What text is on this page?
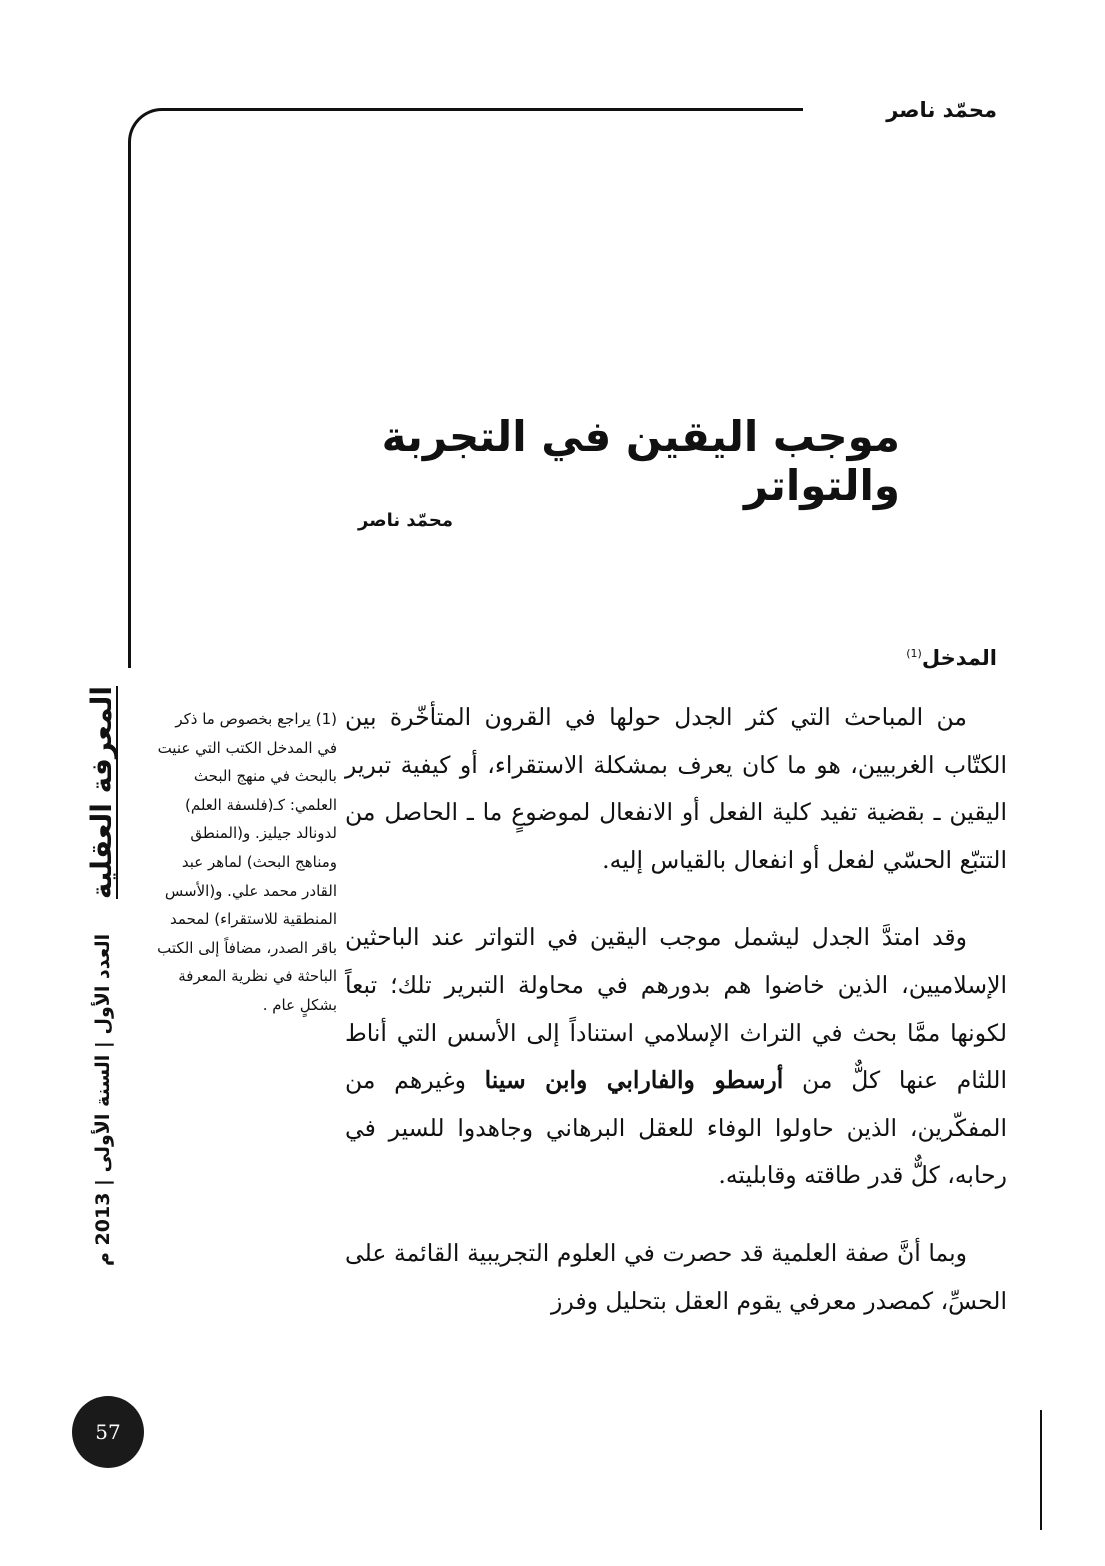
محمّد ناصر
موجب اليقين في التجربة والتواتر
محمّد ناصر
المدخل$^{(1)}$

من المباحث التي كثر الجدل حولها في القرون المتأخّرة بين الكتّاب الغربيين، هو ما كان يعرف بمشكلة الاستقراء، أو كيفية تبرير اليقين ـ بقضية تفيد كلية الفعل أو الانفعال لموضوعٍ ما ـ الحاصل من التتبّع الحسّي لفعل أو انفعال بالقياس إليه.

وقد امتدَّ الجدل ليشمل موجب اليقين في التواتر عند الباحثين الإسلاميين، الذين خاضوا هم بدورهم في محاولة التبرير تلك؛ تبعاً لكونها ممَّا بحث في التراث الإسلامي استناداً إلى الأسس التي أناط اللثام عنها كلٌّ من أرسطو والفارابي وابن سينا وغيرهم من المفكّرين، الذين حاولوا الوفاء للعقل البرهاني وجاهدوا للسير في رحابه، كلٌّ قدر طاقته وقابليته.

وبما أنَّ صفة العلمية قد حصرت في العلوم التجريبية القائمة على الحسِّ، كمصدر معرفي يقوم العقل بتحليل وفرز

(1) يراجع بخصوص ما ذكر في المدخل الكتب التي عنيت بالبحث في منهج البحث العلمي: كـ(فلسفة العلم) لدونالد جيليز. و(المنطق ومناهج البحث) لماهر عبد القادر محمد علي. و(الأسس المنطقية للاستقراء) لمحمد باقر الصدر، مضافاً إلى الكتب الباحثة في نظرية المعرفة بشكلٍ عام .
المعرفة العقلية
العدد الأول | السنة الأولى | 2013 م
57
